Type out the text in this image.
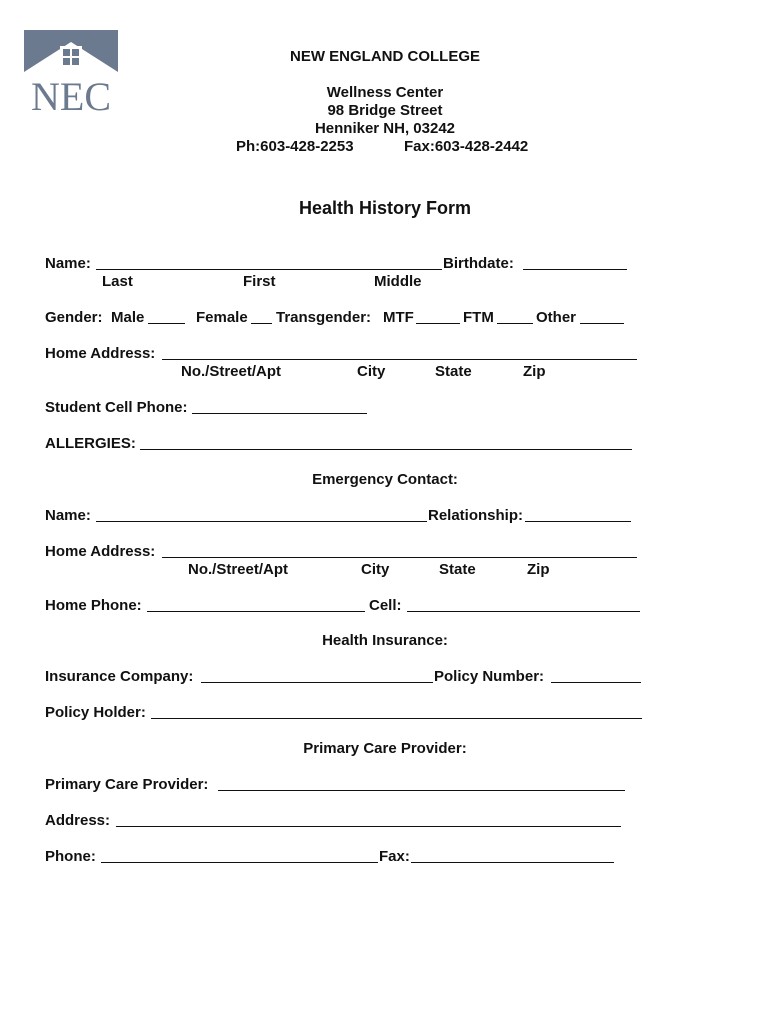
NEC
NEW ENGLAND COLLEGE
Wellness Center
98 Bridge Street
Henniker NH, 03242
Ph:603-428-2253	Fax:603-428-2442
Health History Form
Name:	Birthdate:
Last	First	Middle
Gender: Male	Female Transgender: MTF	FTM	Other
Home Address:
No./Street/Apt	City	State	Zip
Student Cell Phone:
ALLERGIES:
Emergency Contact:
Name:	Relationship:
Home Address:
No./Street/Apt	City	State	Zip
Home Phone:	Cell:
Health Insurance:
Insurance Company:	Policy Number:
Policy Holder:
Primary Care Provider:
Primary Care Provider:
Address:
Phone:	Fax:
